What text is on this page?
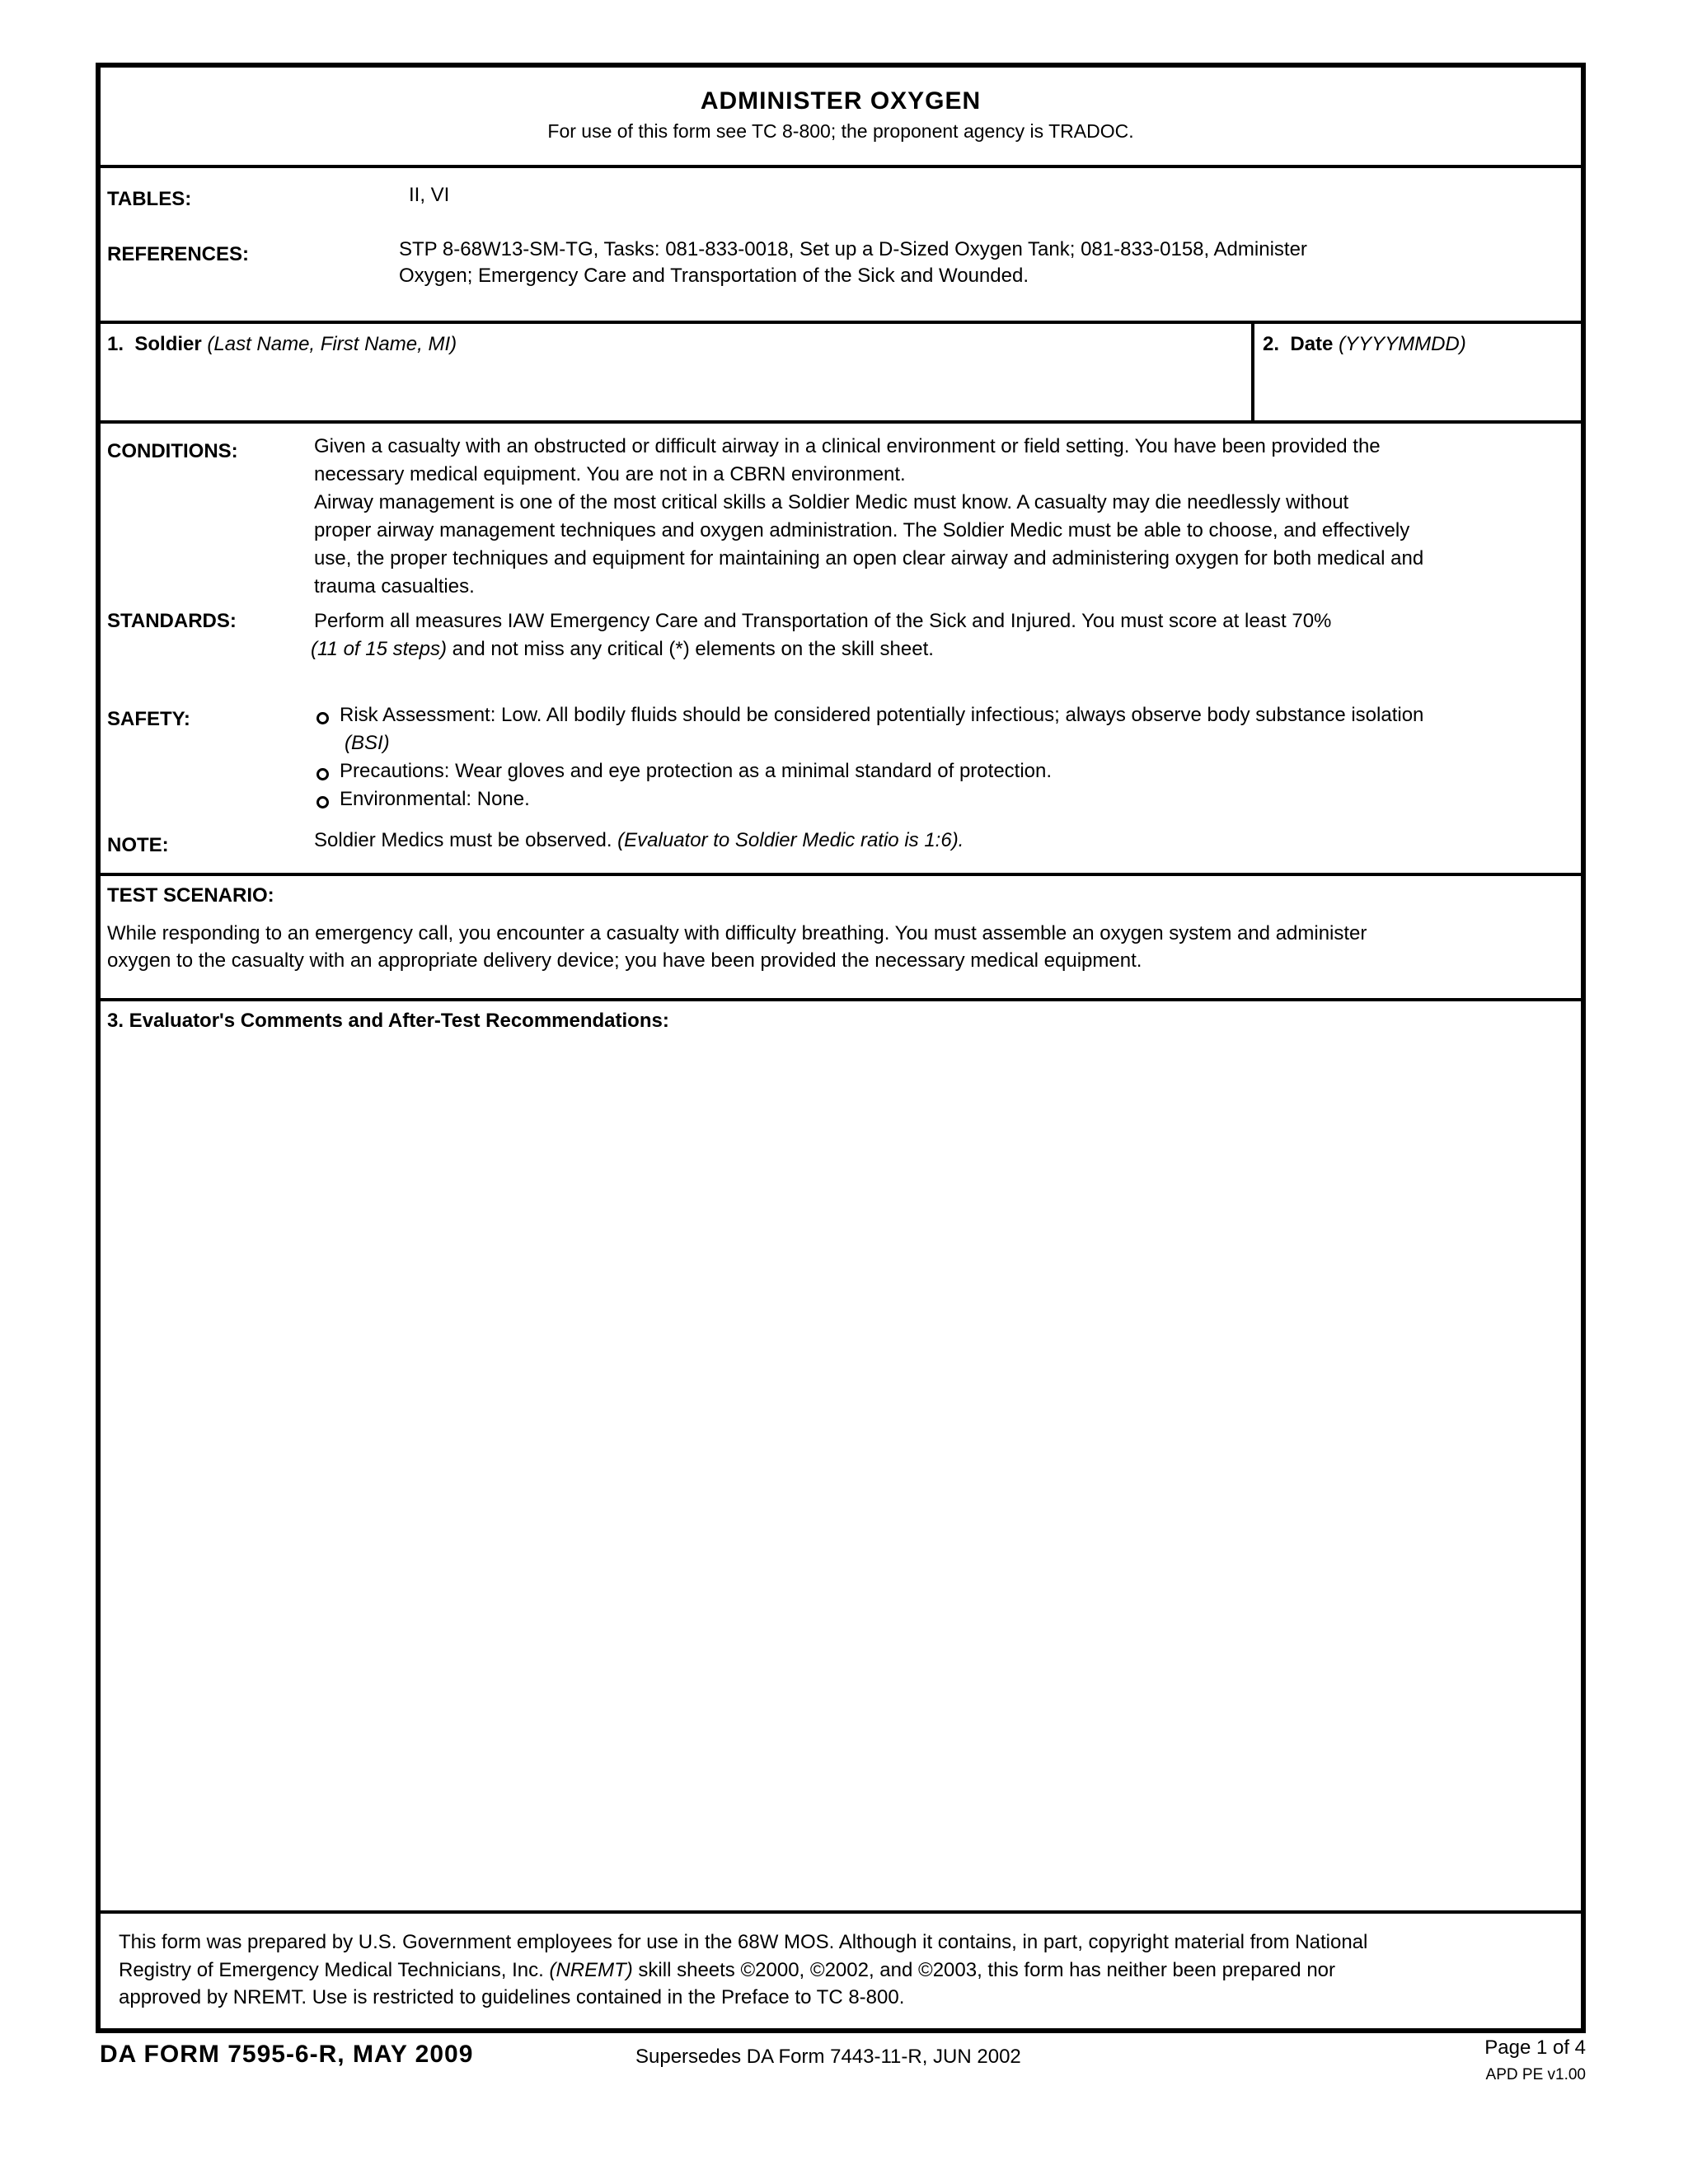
ADMINISTER OXYGEN
For use of this form see TC 8-800; the proponent agency is TRADOC.
TABLES:	II, VI
REFERENCES:	STP 8-68W13-SM-TG, Tasks: 081-833-0018, Set up a D-Sized Oxygen Tank; 081-833-0158, Administer
Oxygen; Emergency Care and Transportation of the Sick and Wounded.
1. Soldier (Last Name, First Name, MI)	2. Date (YYYYMMDD)
CONDITIONS:	Given a casualty with an obstructed or difficult airway in a clinical environment or field setting. You have been provided the
necessary medical equipment. You are not in a CBRN environment.
Airway management is one of the most critical skills a Soldier Medic must know. A casualty may die needlessly without
proper airway management techniques and oxygen administration. The Soldier Medic must be able to choose, and effectively
use, the proper techniques and equipment for maintaining an open clear airway and administering oxygen for both medical and
trauma casualties.
STANDARDS:	Perform all measures IAW Emergency Care and Transportation of the Sick and Injured. You must score at least 70%
(11 of 15 steps) and not miss any critical (*) elements on the skill sheet.
SAFETY:	Risk Assessment: Low. All bodily fluids should be considered potentially infectious; always observe body substance isolation
(BSI)
Precautions: Wear gloves and eye protection as a minimal standard of protection.
Environmental: None.
NOTE:	Soldier Medics must be observed. (Evaluator to Soldier Medic ratio is 1:6).
TEST SCENARIO:
While responding to an emergency call, you encounter a casualty with difficulty breathing. You must assemble an oxygen system and administer
oxygen to the casualty with an appropriate delivery device; you have been provided the necessary medical equipment.
3. Evaluator's Comments and After-Test Recommendations:
This form was prepared by U.S. Government employees for use in the 68W MOS. Although it contains, in part, copyright material from National
Registry of Emergency Medical Technicians, Inc. (NREMT) skill sheets ©2000, ©2002, and ©2003, this form has neither been prepared nor
approved by NREMT. Use is restricted to guidelines contained in the Preface to TC 8-800.
DA FORM 7595-6-R, MAY 2009	Supersedes DA Form 7443-11-R, JUN 2002	Page 1 of 4
APD PE v1.00
